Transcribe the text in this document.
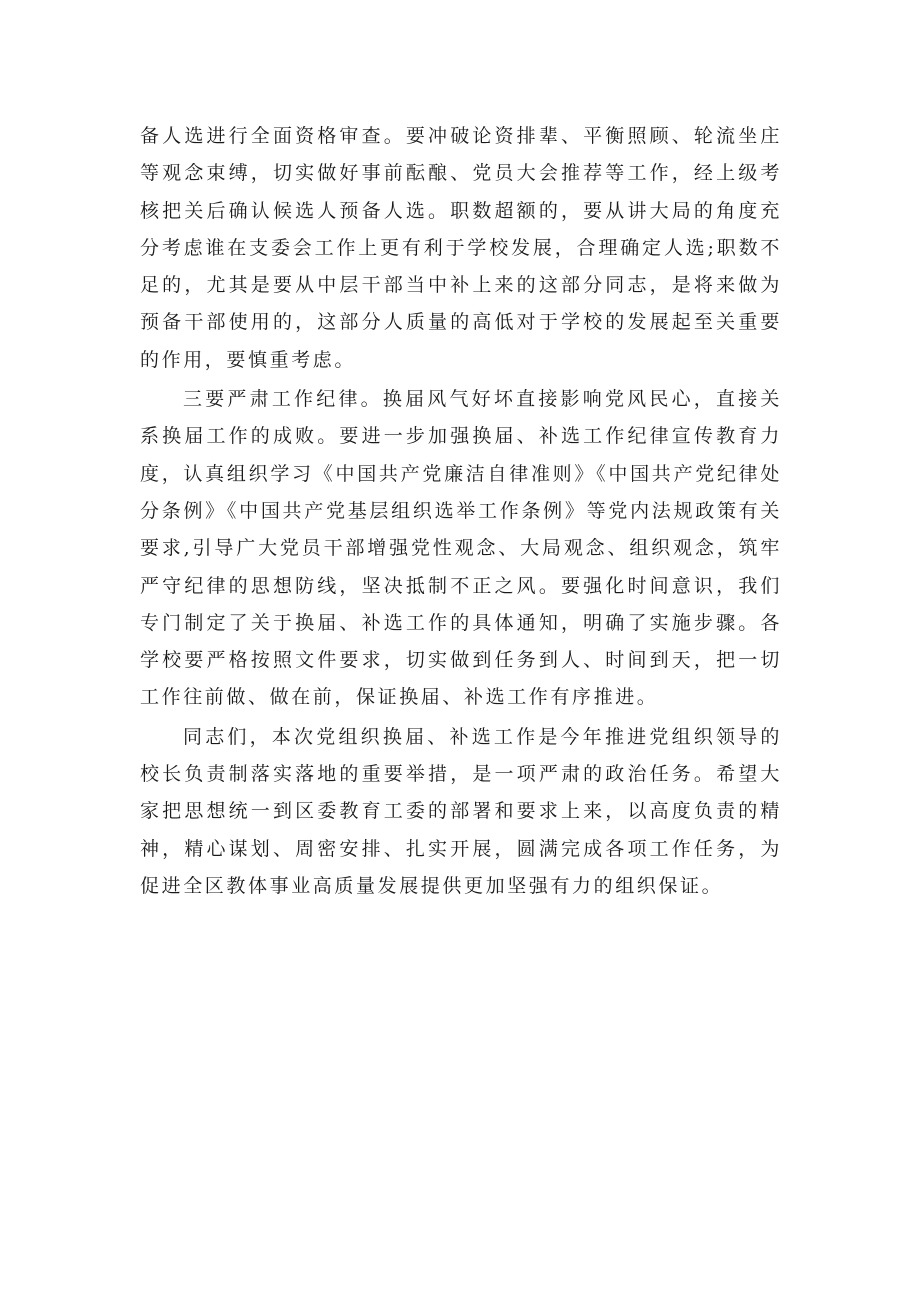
备人选进行全面资格审查。要冲破论资排辈、平衡照顾、轮流坐庄等观念束缚，切实做好事前酝酿、党员大会推荐等工作，经上级考核把关后确认候选人预备人选。职数超额的，要从讲大局的角度充分考虑谁在支委会工作上更有利于学校发展，合理确定人选;职数不足的，尤其是要从中层干部当中补上来的这部分同志，是将来做为预备干部使用的，这部分人质量的高低对于学校的发展起至关重要的作用，要慎重考虑。

三要严肃工作纪律。换届风气好坏直接影响党风民心，直接关系换届工作的成败。要进一步加强换届、补选工作纪律宣传教育力度，认真组织学习《中国共产党廉洁自律准则》《中国共产党纪律处分条例》《中国共产党基层组织选举工作条例》等党内法规政策有关要求,引导广大党员干部增强党性观念、大局观念、组织观念，筑牢严守纪律的思想防线，坚决抵制不正之风。要强化时间意识，我们专门制定了关于换届、补选工作的具体通知，明确了实施步骤。各学校要严格按照文件要求，切实做到任务到人、时间到天，把一切工作往前做、做在前，保证换届、补选工作有序推进。

同志们，本次党组织换届、补选工作是今年推进党组织领导的校长负责制落实落地的重要举措，是一项严肃的政治任务。希望大家把思想统一到区委教育工委的部署和要求上来，以高度负责的精神，精心谋划、周密安排、扎实开展，圆满完成各项工作任务，为促进全区教体事业高质量发展提供更加坚强有力的组织保证。
